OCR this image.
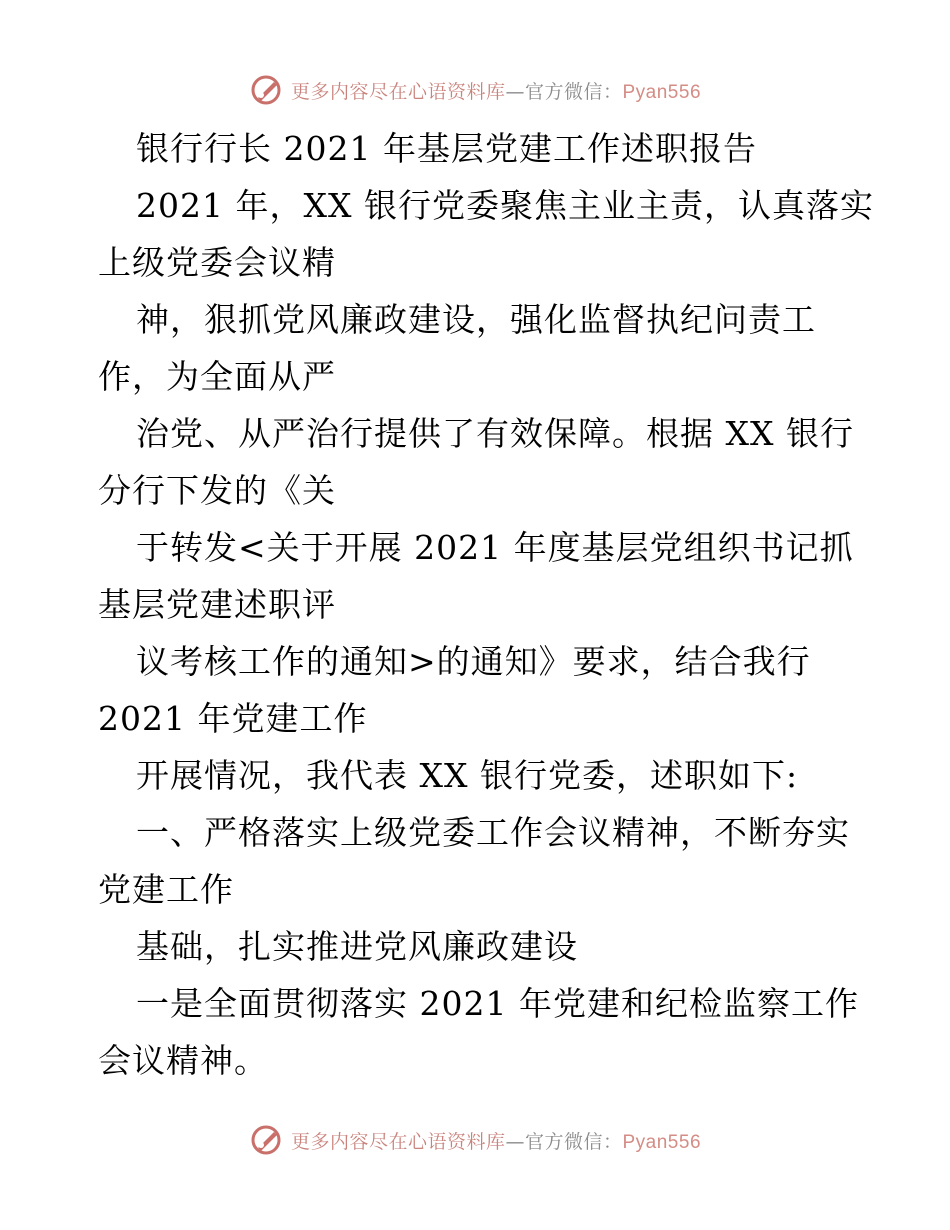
更多内容尽在心语资料库—官方微信：Pyan556
银行行长 2021 年基层党建工作述职报告
2021 年，XX 银行党委聚焦主业主责，认真落实
上级党委会议精
神，狠抓党风廉政建设，强化监督执纪问责工
作，为全面从严
治党、从严治行提供了有效保障。根据 XX 银行
分行下发的《关
于转发<关于开展 2021 年度基层党组织书记抓
基层党建述职评
议考核工作的通知>的通知》要求，结合我行
2021 年党建工作
开展情况，我代表 XX 银行党委，述职如下:
一、严格落实上级党委工作会议精神，不断夯实
党建工作
基础，扎实推进党风廉政建设
一是全面贯彻落实 2021 年党建和纪检监察工作
会议精神。
更多内容尽在心语资料库—官方微信：Pyan556
